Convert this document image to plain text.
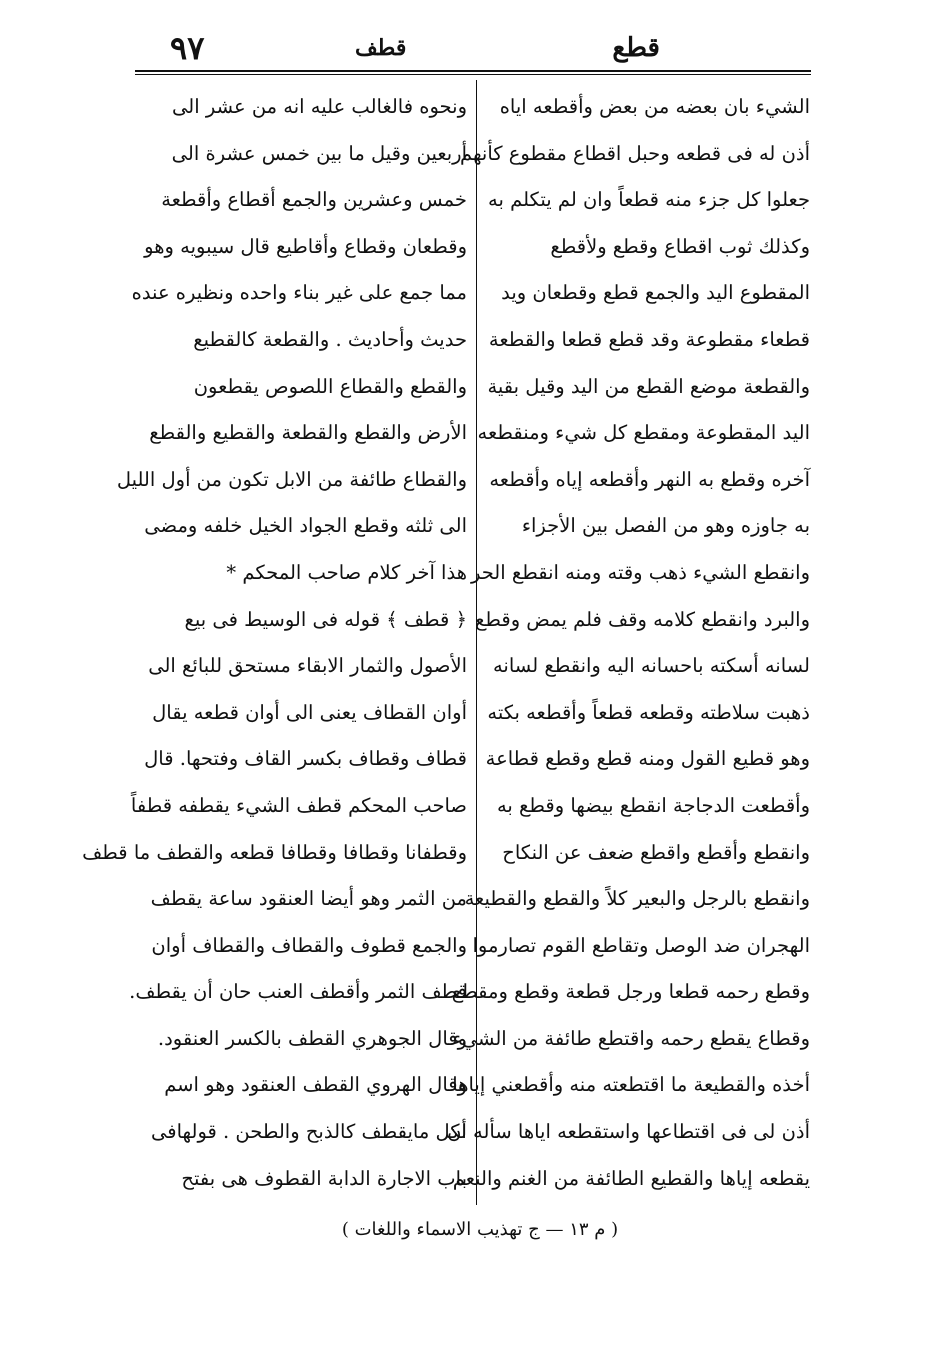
قطع
قطف
٩٧
الشيء بان بعضه من بعض وأقطعه اياه
أذن له فى قطعه وحبل اقطاع مقطوع كأنهم
جعلوا كل جزء منه قطعاً وان لم يتكلم به
وكذلك ثوب اقطاع وقطع ولأقطع
المقطوع اليد والجمع قطع وقطعان ويد
قطعاء مقطوعة وقد قطع قطعا والقطعة
والقطعة موضع القطع من اليد وقيل بقية
اليد المقطوعة ومقطع كل شيء ومنقطعه
آخره وقطع به النهر وأقطعه إياه وأقطعه
به جاوزه وهو من الفصل بين الأجزاء
وانقطع الشيء ذهب وقته ومنه انقطع الحر
والبرد وانقطع كلامه وقف فلم يمض وقطع
لسانه أسكته باحسانه اليه وانقطع لسانه
ذهبت سلاطته وقطعه قطعاً وأقطعه بكته
وهو قطيع القول ومنه قطع وقطع قطاعة
وأقطعت الدجاجة انقطع بيضها وقطع به
وانقطع وأقطع واقطع ضعف عن النكاح
وانقطع بالرجل والبعير كلاً والقطع والقطيعة
الهجران ضد الوصل وتقاطع القوم تصارموا
وقطع رحمه قطعا ورجل قطعة وقطع ومقطع
وقطاع يقطع رحمه واقتطع طائفة من الشيء
أخذه والقطيعة ما اقتطعته منه وأقطعني إياها
أذن لى فى اقتطاعها واستقطعه اياها سأله أن
يقطعه إياها والقطيع الطائفة من الغنم والنعم
ونحوه فالغالب عليه انه من عشر الى
أربعين وقيل ما بين خمس عشرة الى
خمس وعشرين والجمع أقطاع وأقطعة
وقطعان وقطاع وأقاطيع قال سيبويه وهو
مما جمع على غير بناء واحده ونظيره عنده
حديث وأحاديث . والقطعة كالقطيع
والقطع والقطاع اللصوص يقطعون
الأرض والقطع والقطعة والقطيع والقطع
والقطاع طائفة من الابل تكون من أول الليل
الى ثلثه وقطع الجواد الخيل خلفه ومضى
هذا آخر كلام صاحب المحكم *
﴿ قطف ﴾ قوله فى الوسيط فى بيع
الأصول والثمار الابقاء مستحق للبائع الى
أوان القطاف يعنى الى أوان قطعه يقال
قطاف وقطاف بكسر القاف وفتحها. قال
صاحب المحكم قطف الشيء يقطفه قطفاً
وقطفانا وقطافا وقطافا قطعه والقطف ما قطف
من الثمر وهو أيضا العنقود ساعة يقطف
والجمع قطوف والقطاف والقطاف أوان
قطف الثمر وأقطف العنب حان أن يقطف.
وقال الجوهري القطف بالكسر العنقود.
وقال الهروي القطف العنقود وهو اسم
لكل مايقطف كالذبح والطحن . قولهافى
باب الاجارة الدابة القطوف هى بفتح
( م ١٣ — ج تهذيب الاسماء واللغات )
